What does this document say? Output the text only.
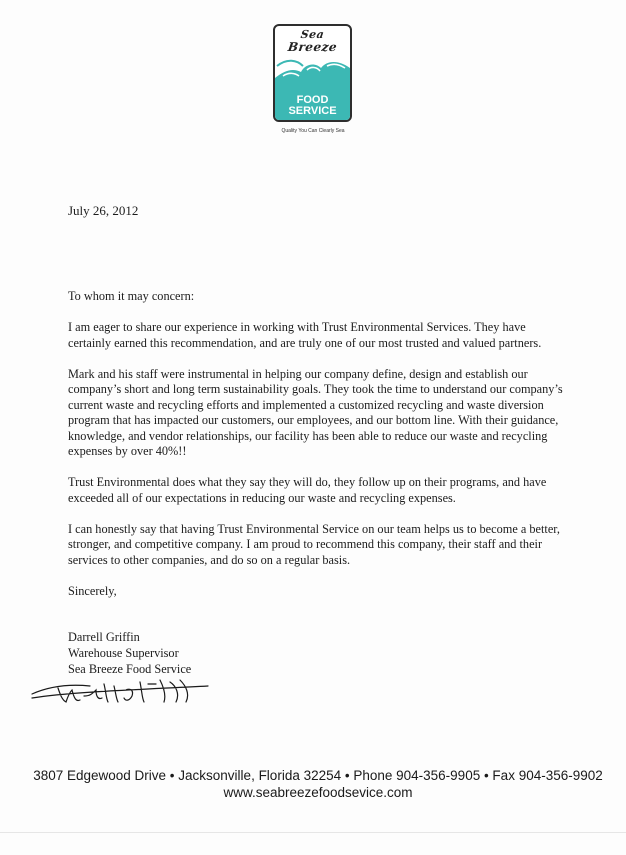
Sea
Breeze
FOOD
SERVICE
Quality You Can Clearly Sea
July 26, 2012

To whom it may concern:

I am eager to share our experience in working with Trust Environmental Services. They have certainly earned this recommendation, and are truly one of our most trusted and valued partners.

Mark and his staff were instrumental in helping our company define, design and establish our company’s short and long term sustainability goals. They took the time to understand our company’s current waste and recycling efforts and implemented a customized recycling and waste diversion program that has impacted our customers, our employees, and our bottom line. With their guidance, knowledge, and vendor relationships, our facility has been able to reduce our waste and recycling expenses by over 40%!!

Trust Environmental does what they say they will do, they follow up on their programs, and have exceeded all of our expectations in reducing our waste and recycling expenses.

I can honestly say that having Trust Environmental Service on our team helps us to become a better, stronger, and competitive company. I am proud to recommend this company, their staff and their services to other companies, and do so on a regular basis.

Sincerely,

Darrell Griffin
Warehouse Supervisor
Sea Breeze Food Service
3807 Edgewood Drive • Jacksonville, Florida 32254 • Phone 904-356-9905 • Fax 904-356-9902
www.seabreezefoodsevice.com
